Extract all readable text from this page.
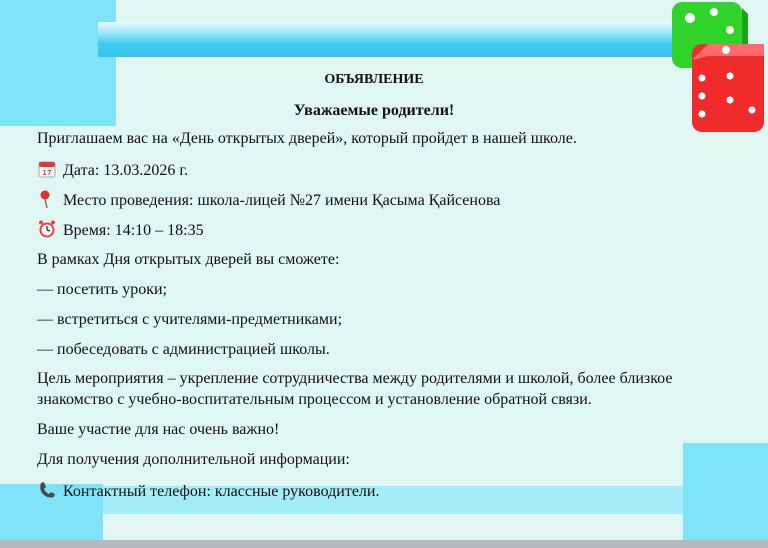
ОБЪЯВЛЕНИЕ
Уважаемые родители!
Приглашаем вас на «День открытых дверей», который пройдет в нашей школе.
17 Дата: 13.03.2026 г.
Место проведения: школа-лицей №27 имени Қасыма Қайсенова
Время: 14:10 – 18:35
В рамках Дня открытых дверей вы сможете:
— посетить уроки;
— встретиться с учителями-предметниками;
— побеседовать с администрацией школы.
Цель мероприятия – укрепление сотрудничества между родителями и школой, более близкое
знакомство с учебно-воспитательным процессом и установление обратной связи.
Ваше участие для нас очень важно!
Для получения дополнительной информации:
Контактный телефон: классные руководители.
